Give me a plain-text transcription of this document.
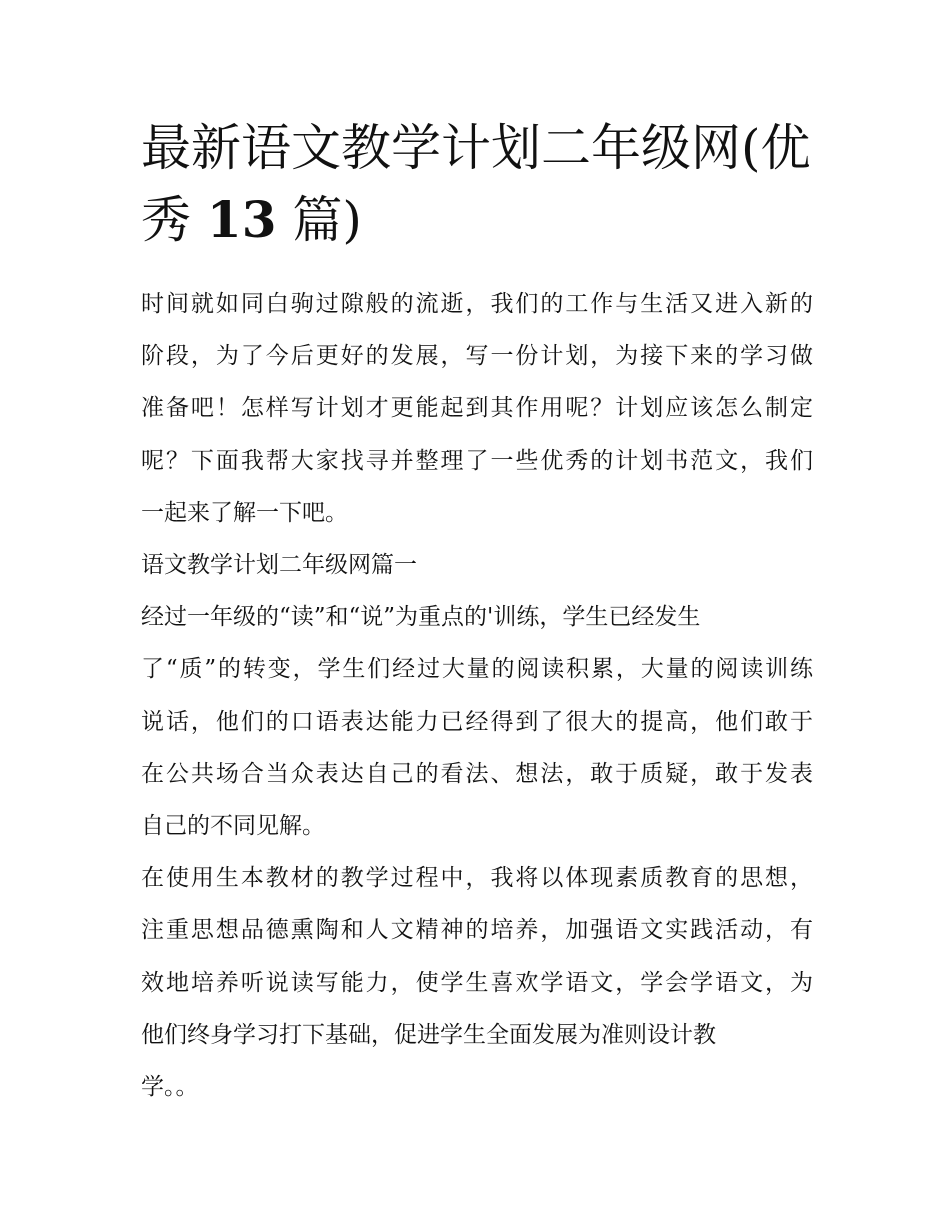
最新语文教学计划二年级网(优
秀 13 篇)

时间就如同白驹过隙般的流逝，我们的工作与生活又进入新的
阶段，为了今后更好的发展，写一份计划，为接下来的学习做
准备吧！怎样写计划才更能起到其作用呢？计划应该怎么制定
呢？下面我帮大家找寻并整理了一些优秀的计划书范文，我们
一起来了解一下吧。

语文教学计划二年级网篇一

经过一年级的“读”和“说”为重点的'训练，学生已经发生
了“质”的转变，学生们经过大量的阅读积累，大量的阅读训练
说话，他们的口语表达能力已经得到了很大的提高，他们敢于
在公共场合当众表达自己的看法、想法，敢于质疑，敢于发表
自己的不同见解。

在使用生本教材的教学过程中，我将以体现素质教育的思想，
注重思想品德熏陶和人文精神的培养，加强语文实践活动，有
效地培养听说读写能力，使学生喜欢学语文，学会学语文，为
他们终身学习打下基础，促进学生全面发展为准则设计教
学。。
